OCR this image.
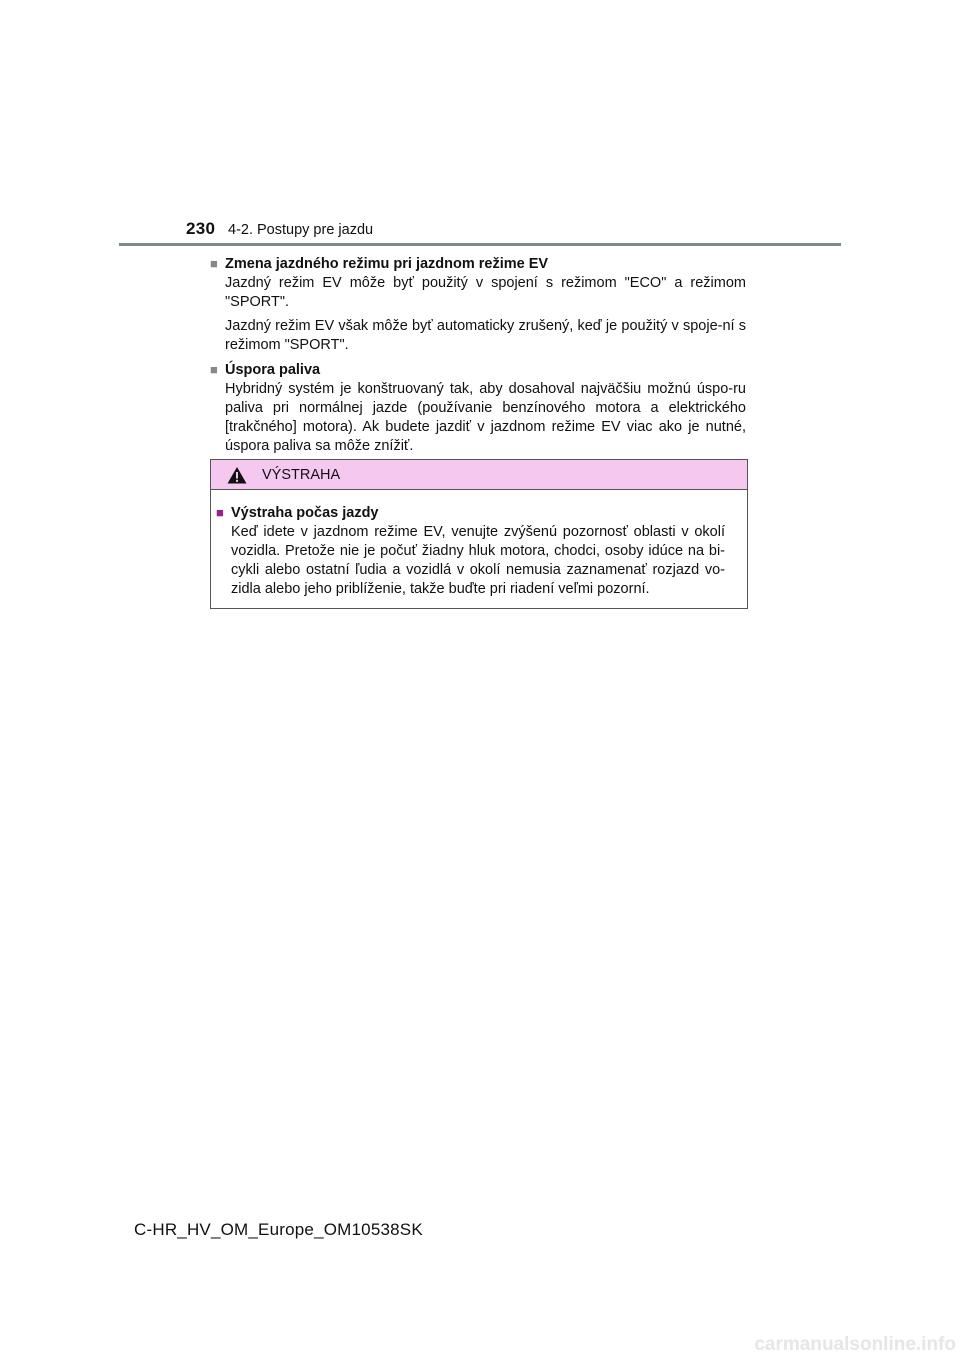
230 4-2. Postupy pre jazdu
■ Zmena jazdného režimu pri jazdnom režime EV

Jazdný režim EV môže byť použitý v spojení s režimom "ECO" a režimom "SPORT".

Jazdný režim EV však môže byť automaticky zrušený, keď je použitý v spoje-ní s režimom "SPORT".

■ Úspora paliva

Hybridný systém je konštruovaný tak, aby dosahoval najväčšiu možnú úspo-ru paliva pri normálnej jazde (používanie benzínového motora a elektrického [trakčného] motora). Ak budete jazdiť v jazdnom režime EV viac ako je nutné, úspora paliva sa môže znížiť.

VÝSTRAHA
■ Výstraha počas jazdy

Keď idete v jazdnom režime EV, venujte zvýšenú pozornosť oblasti v okolí vozidla. Pretože nie je počuť žiadny hluk motora, chodci, osoby idúce na bi-cykli alebo ostatní ľudia a vozidlá v okolí nemusia zaznamenať rozjazd vo-zidla alebo jeho priblíženie, takže buďte pri riadení veľmi pozorní.

C-HR_HV_OM_Europe_OM10538SK
carmanualsonline.info
